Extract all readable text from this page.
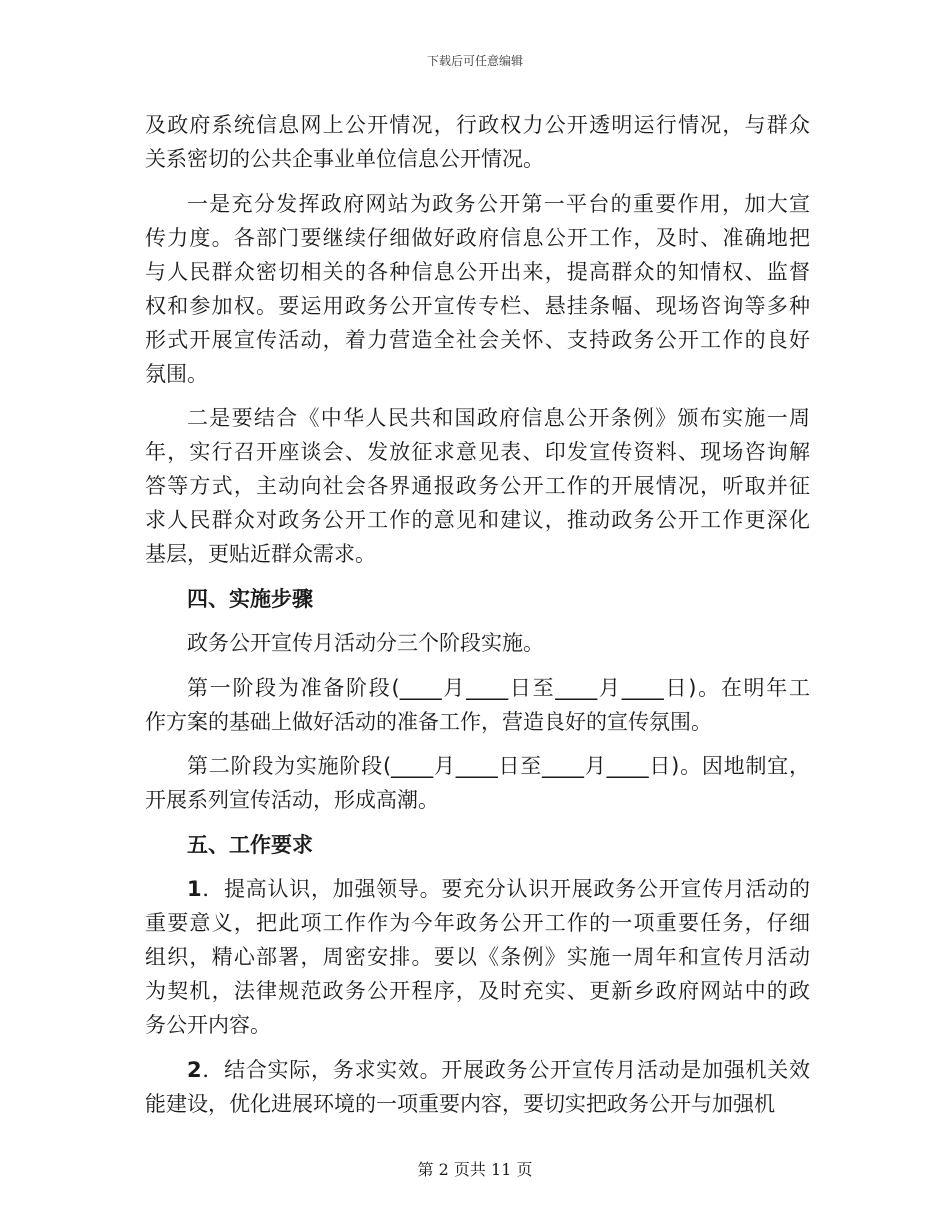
下载后可任意编辑
及政府系统信息网上公开情况，行政权力公开透明运行情况，与群众
关系密切的公共企事业单位信息公开情况。
一是充分发挥政府网站为政务公开第一平台的重要作用，加大宣
传力度。各部门要继续仔细做好政府信息公开工作，及时、准确地把
与人民群众密切相关的各种信息公开出来，提高群众的知情权、监督
权和参加权。要运用政务公开宣传专栏、悬挂条幅、现场咨询等多种
形式开展宣传活动，着力营造全社会关怀、支持政务公开工作的良好
氛围。
二是要结合《中华人民共和国政府信息公开条例》颁布实施一周
年，实行召开座谈会、发放征求意见表、印发宣传资料、现场咨询解
答等方式，主动向社会各界通报政务公开工作的开展情况，听取并征
求人民群众对政务公开工作的意见和建议，推动政务公开工作更深化
基层，更贴近群众需求。
四、实施步骤
政务公开宣传月活动分三个阶段实施。
第一阶段为准备阶段(____月____日至____月____日)。在明年工
作方案的基础上做好活动的准备工作，营造良好的宣传氛围。
第二阶段为实施阶段(____月____日至____月____日)。因地制宜，
开展系列宣传活动，形成高潮。
五、工作要求
1．提高认识，加强领导。要充分认识开展政务公开宣传月活动的
重要意义，把此项工作作为今年政务公开工作的一项重要任务，仔细
组织，精心部署，周密安排。要以《条例》实施一周年和宣传月活动
为契机，法律规范政务公开程序，及时充实、更新乡政府网站中的政
务公开内容。
2．结合实际，务求实效。开展政务公开宣传月活动是加强机关效
能建设，优化进展环境的一项重要内容，要切实把政务公开与加强机
第 2 页共 11 页
